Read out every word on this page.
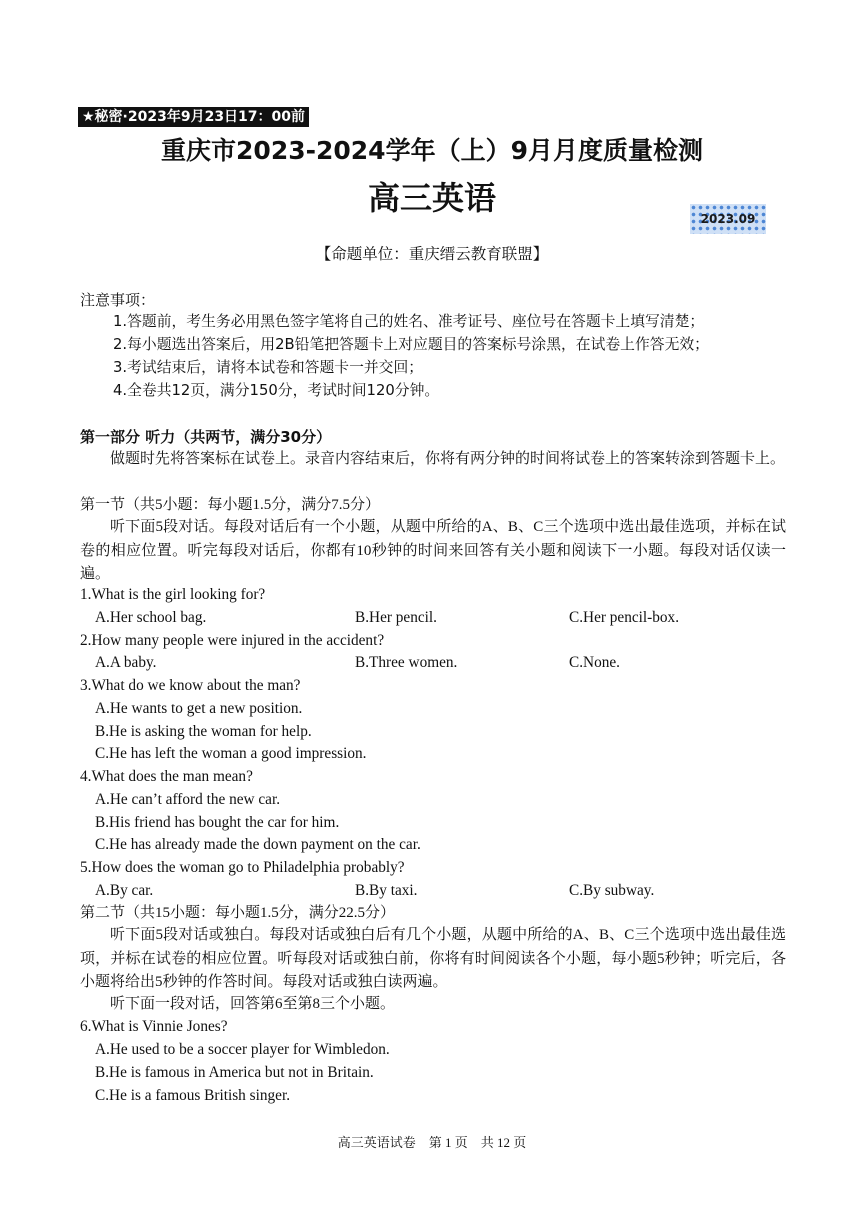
★秘密·2023年9月23日17：00前
重庆市2023-2024学年（上）9月月度质量检测
高三英语
2023.09
【命题单位：重庆缙云教育联盟】
注意事项：
1.答题前，考生务必用黑色签字笔将自己的姓名、准考证号、座位号在答题卡上填写清楚；
2.每小题选出答案后，用2B铅笔把答题卡上对应题目的答案标号涂黑，在试卷上作答无效；
3.考试结束后，请将本试卷和答题卡一并交回；
4.全卷共12页，满分150分，考试时间120分钟。
第一部分 听力（共两节，满分30分）
做题时先将答案标在试卷上。录音内容结束后，你将有两分钟的时间将试卷上的答案转涂到答题卡上。
第一节（共5小题：每小题1.5分，满分7.5分）
听下面5段对话。每段对话后有一个小题，从题中所给的A、B、C三个选项中选出最佳选项，并标在试卷的相应位置。听完每段对话后，你都有10秒钟的时间来回答有关小题和阅读下一小题。每段对话仅读一遍。
1.What is the girl looking for?
A.Her school bag.	B.Her pencil.	C.Her pencil-box.
2.How many people were injured in the accident?
A.A baby.	B.Three women.	C.None.
3.What do we know about the man?
A.He wants to get a new position.
B.He is asking the woman for help.
C.He has left the woman a good impression.
4.What does the man mean?
A.He can’t afford the new car.
B.His friend has bought the car for him.
C.He has already made the down payment on the car.
5.How does the woman go to Philadelphia probably?
A.By car.	B.By taxi.	C.By subway.
第二节（共15小题：每小题1.5分，满分22.5分）
听下面5段对话或独白。每段对话或独白后有几个小题，从题中所给的A、B、C三个选项中选出最佳选项，并标在试卷的相应位置。听每段对话或独白前，你将有时间阅读各个小题，每小题5秒钟；听完后，各小题将给出5秒钟的作答时间。每段对话或独白读两遍。
听下面一段对话，回答第6至第8三个小题。
6.What is Vinnie Jones?
A.He used to be a soccer player for Wimbledon.
B.He is famous in America but not in Britain.
C.He is a famous British singer.
高三英语试卷    第 1 页    共 12 页
